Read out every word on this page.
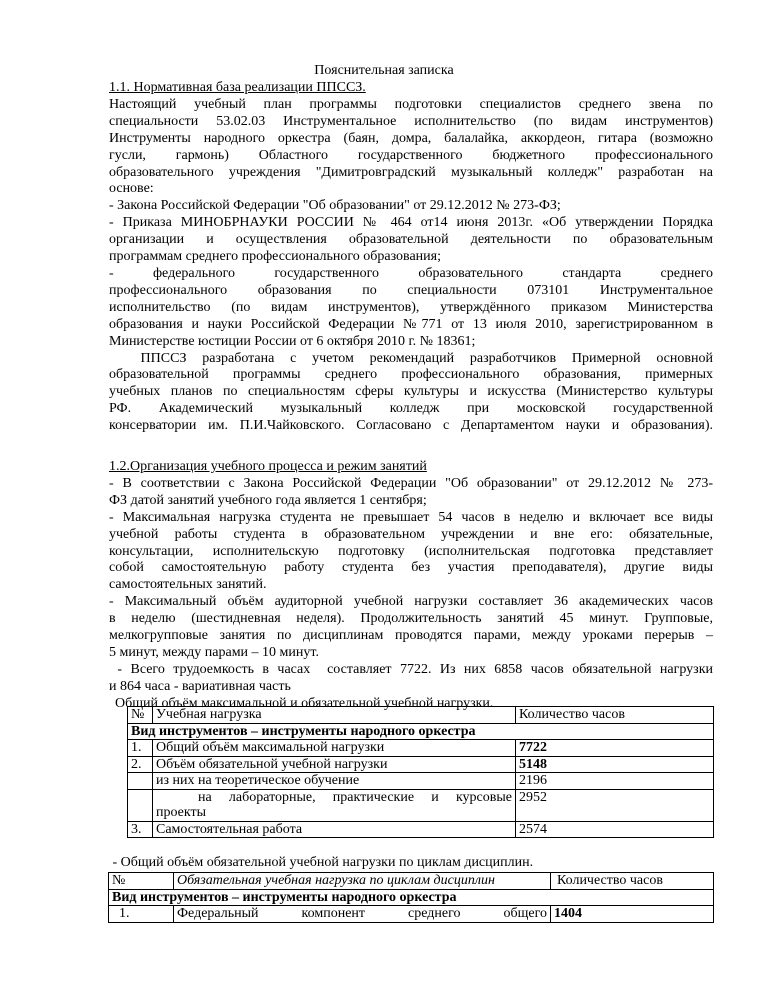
Пояснительная записка
1.1. Нормативная база реализации ППССЗ.
Настоящий учебный план программы подготовки специалистов среднего звена по
специальности 53.02.03 Инструментальное исполнительство (по видам инструментов)
Инструменты народного оркестра (баян, домра, балалайка, аккордеон, гитара (возможно
гусли, гармонь) Областного государственного бюджетного профессионального
образовательного учреждения "Димитровградский музыкальный колледж" разработан на
основе:
- Закона Российской Федерации "Об образовании" от 29.12.2012 № 273-ФЗ;
- Приказа МИНОБРНАУКИ РОССИИ № 464 от14 июня 2013г. «Об утверждении Порядка
организации и осуществления образовательной деятельности по образовательным
программам среднего профессионального образования;
- федерального государственного образовательного стандарта среднего
профессионального образования по специальности 073101 Инструментальное
исполнительство (по видам инструментов), утверждённого приказом Министерства
образования и науки Российской Федерации №771 от 13 июля 2010, зарегистрированном в
Министерстве юстиции России от 6 октября 2010 г. № 18361;
ППССЗ разработана с учетом рекомендаций разработчиков Примерной основной
образовательной программы среднего профессионального образования, примерных
учебных планов по специальностям сферы культуры и искусства (Министерство культуры
РФ. Академический музыкальный колледж при московской государственной
консерватории им. П.И.Чайковского. Согласовано с Департаментом науки и образования).
1.2.Организация учебного процесса и режим занятий
- В соответствии с Закона Российской Федерации "Об образовании" от 29.12.2012 № 273-
ФЗ датой занятий учебного года является 1 сентября;
- Максимальная нагрузка студента не превышает 54 часов в неделю и включает все виды
учебной работы студента в образовательном учреждении и вне его: обязательные,
консультации, исполнительскую подготовку (исполнительская подготовка представляет
собой самостоятельную работу студента без участия преподавателя), другие виды
самостоятельных занятий.
- Максимальный объём аудиторной учебной нагрузки составляет 36 академических часов
в неделю (шестидневная неделя). Продолжительность занятий 45 минут. Групповые,
мелкогрупповые занятия по дисциплинам проводятся парами, между уроками перерыв –
5 минут, между парами – 10 минут.
- Всего трудоемкость в часах  составляет 7722. Из них 6858 часов обязательной нагрузки
и 864 часа - вариативная часть
Общий объём максимальной и обязательной учебной нагрузки.
№	Учебная нагрузка	Количество часов
Вид инструментов – инструменты народного оркестра		
1.	Общий объём максимальной нагрузки	7722
2.	Объём обязательной учебной нагрузки	5148
	из них на теоретическое обучение	2196

	на лабораторные, практические и курсовые
проекты	2952
3.	Самостоятельная работа	2574
- Общий объём обязательной учебной нагрузки по циклам дисциплин.
№	Обязательная учебная нагрузка по циклам дисциплин	Количество часов
Вид инструментов – инструменты народного оркестра		
1.	Федеральный компонент среднего общего	1404
